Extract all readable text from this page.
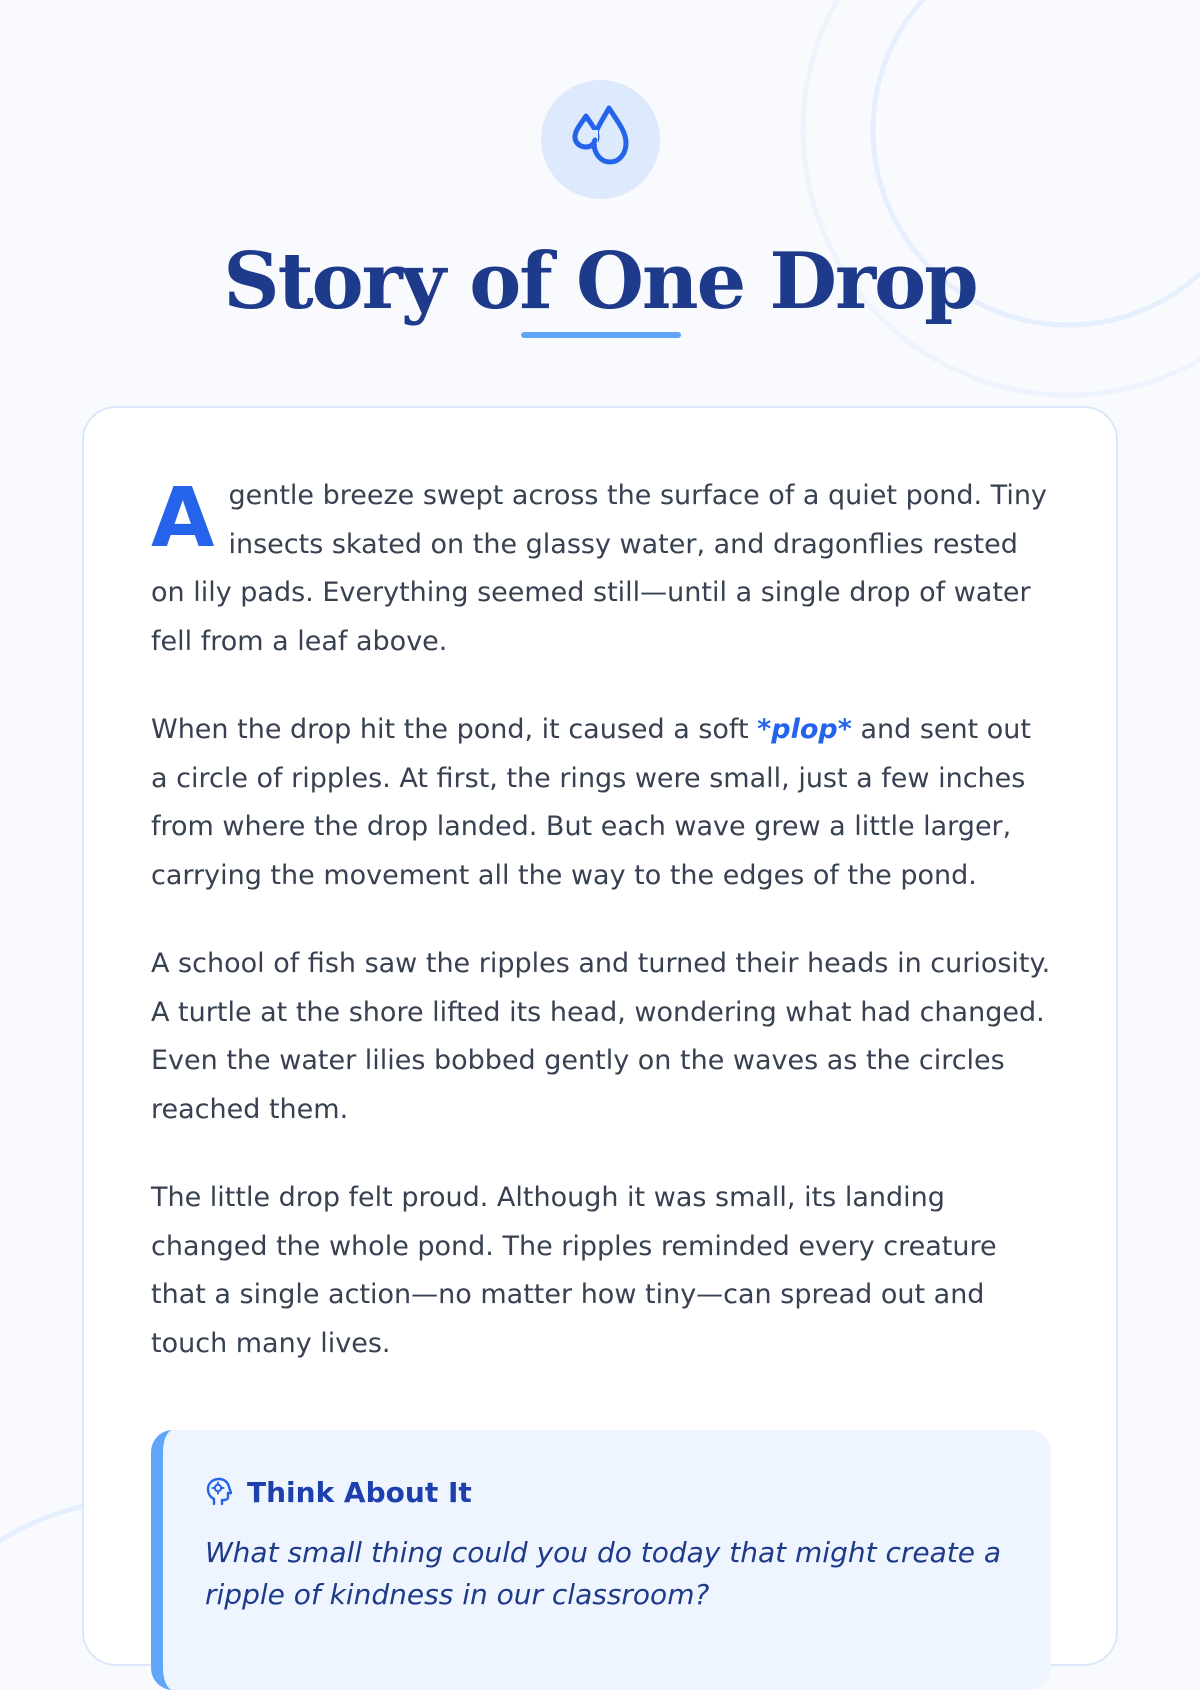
Story of One Drop

A gentle breeze swept across the surface of a quiet pond. Tiny insects skated on the glassy water, and dragonflies rested on lily pads. Everything seemed still—until a single drop of water fell from a leaf above.

When the drop hit the pond, it caused a soft *plop* and sent out a circle of ripples. At first, the rings were small, just a few inches from where the drop landed. But each wave grew a little larger, carrying the movement all the way to the edges of the pond.

A school of fish saw the ripples and turned their heads in curiosity. A turtle at the shore lifted its head, wondering what had changed. Even the water lilies bobbed gently on the waves as the circles reached them.

The little drop felt proud. Although it was small, its landing changed the whole pond. The ripples reminded every creature that a single action—no matter how tiny—can spread out and touch many lives.

Think About It

What small thing could you do today that might create a ripple of kindness in our classroom?
